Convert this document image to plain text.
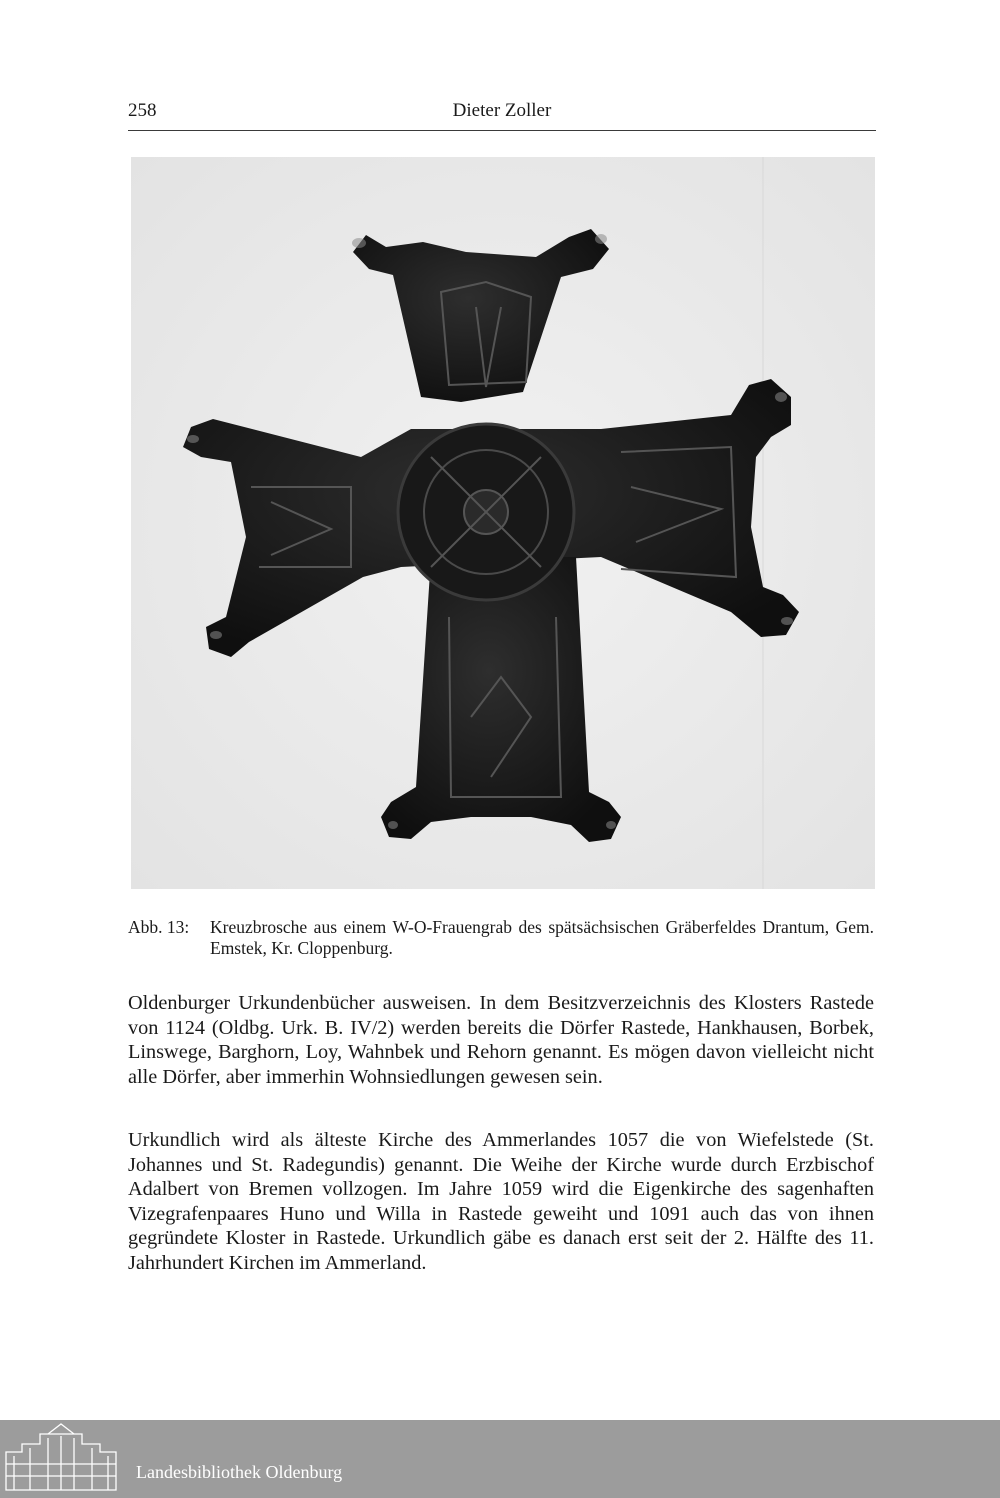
258	Dieter Zoller
Abb. 13: Kreuzbrosche aus einem W-O-Frauengrab des spätsächsischen Gräberfeldes Drantum, Gem. Emstek, Kr. Cloppenburg.

Oldenburger Urkundenbücher ausweisen. In dem Besitzverzeichnis des Klosters Rastede von 1124 (Oldbg. Urk. B. IV/2) werden bereits die Dörfer Rastede, Hankhausen, Borbek, Linswege, Barghorn, Loy, Wahnbek und Rehorn genannt. Es mögen davon vielleicht nicht alle Dörfer, aber immerhin Wohnsiedlungen gewesen sein.

Urkundlich wird als älteste Kirche des Ammerlandes 1057 die von Wiefelstede (St. Johannes und St. Radegundis) genannt. Die Weihe der Kirche wurde durch Erzbischof Adalbert von Bremen vollzogen. Im Jahre 1059 wird die Eigenkirche des sagenhaften Vizegrafenpaares Huno und Willa in Rastede geweiht und 1091 auch das von ihnen gegründete Kloster in Rastede. Urkundlich gäbe es danach erst seit der 2. Hälfte des 11. Jahrhundert Kirchen im Ammerland.

Landesbibliothek Oldenburg
